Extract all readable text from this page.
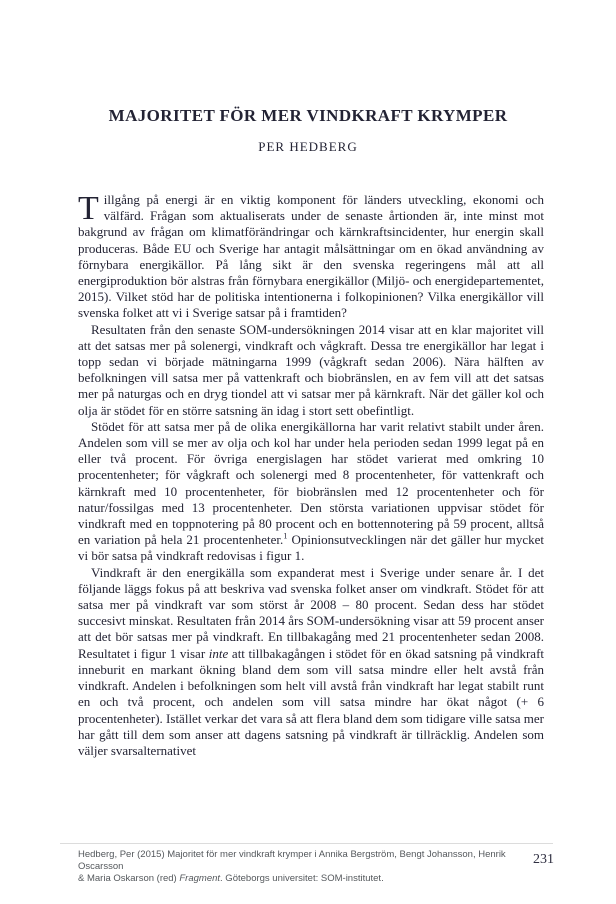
MAJORITET FÖR MER VINDKRAFT KRYMPER
PER HEDBERG

Tillgång på energi är en viktig komponent för länders utveckling, ekonomi och välfärd. Frågan som aktualiserats under de senaste årtionden är, inte minst mot bakgrund av frågan om klimatförändringar och kärnkraftsincidenter, hur energin skall produceras. Både EU och Sverige har antagit målsättningar om en ökad användning av förnybara energikällor. På lång sikt är den svenska regeringens mål att all energiproduktion bör alstras från förnybara energikällor (Miljö- och energidepartementet, 2015). Vilket stöd har de politiska intentionerna i folkopinionen? Vilka energikällor vill svenska folket att vi i Sverige satsar på i framtiden?

Resultaten från den senaste SOM-undersökningen 2014 visar att en klar majoritet vill att det satsas mer på solenergi, vindkraft och vågkraft. Dessa tre energikällor har legat i topp sedan vi började mätningarna 1999 (vågkraft sedan 2006). Nära hälften av befolkningen vill satsa mer på vattenkraft och biobränslen, en av fem vill att det satsas mer på naturgas och en dryg tiondel att vi satsar mer på kärnkraft. När det gäller kol och olja är stödet för en större satsning än idag i stort sett obefintligt.

Stödet för att satsa mer på de olika energikällorna har varit relativt stabilt under åren. Andelen som vill se mer av olja och kol har under hela perioden sedan 1999 legat på en eller två procent. För övriga energislagen har stödet varierat med omkring 10 procentenheter; för vågkraft och solenergi med 8 procentenheter, för vattenkraft och kärnkraft med 10 procentenheter, för biobränslen med 12 procentenheter och för natur/fossilgas med 13 procentenheter. Den största variationen uppvisar stödet för vindkraft med en toppnotering på 80 procent och en bottennotering på 59 procent, alltså en variation på hela 21 procentenheter.$^1$ Opinionsutvecklingen när det gäller hur mycket vi bör satsa på vindkraft redovisas i figur 1.

Vindkraft är den energikälla som expanderat mest i Sverige under senare år. I det följande läggs fokus på att beskriva vad svenska folket anser om vindkraft. Stödet för att satsa mer på vindkraft var som störst år 2008 – 80 procent. Sedan dess har stödet succesivt minskat. Resultaten från 2014 års SOM-undersökning visar att 59 procent anser att det bör satsas mer på vindkraft. En tillbakagång med 21 procentenheter sedan 2008. Resultatet i figur 1 visar inte att tillbakagången i stödet för en ökad satsning på vindkraft inneburit en markant ökning bland dem som vill satsa mindre eller helt avstå från vindkraft. Andelen i befolkningen som helt vill avstå från vindkraft har legat stabilt runt en och två procent, och andelen som vill satsa mindre har ökat något (+ 6 procentenheter). Istället verkar det vara så att flera bland dem som tidigare ville satsa mer har gått till dem som anser att dagens satsning på vindkraft är tillräcklig. Andelen som väljer svarsalternativet

Hedberg, Per (2015) Majoritet för mer vindkraft krymper i Annika Bergström, Bengt Johansson, Henrik Oscarsson
& Maria Oskarson (red) Fragment. Göteborgs universitet: SOM-institutet.
231
